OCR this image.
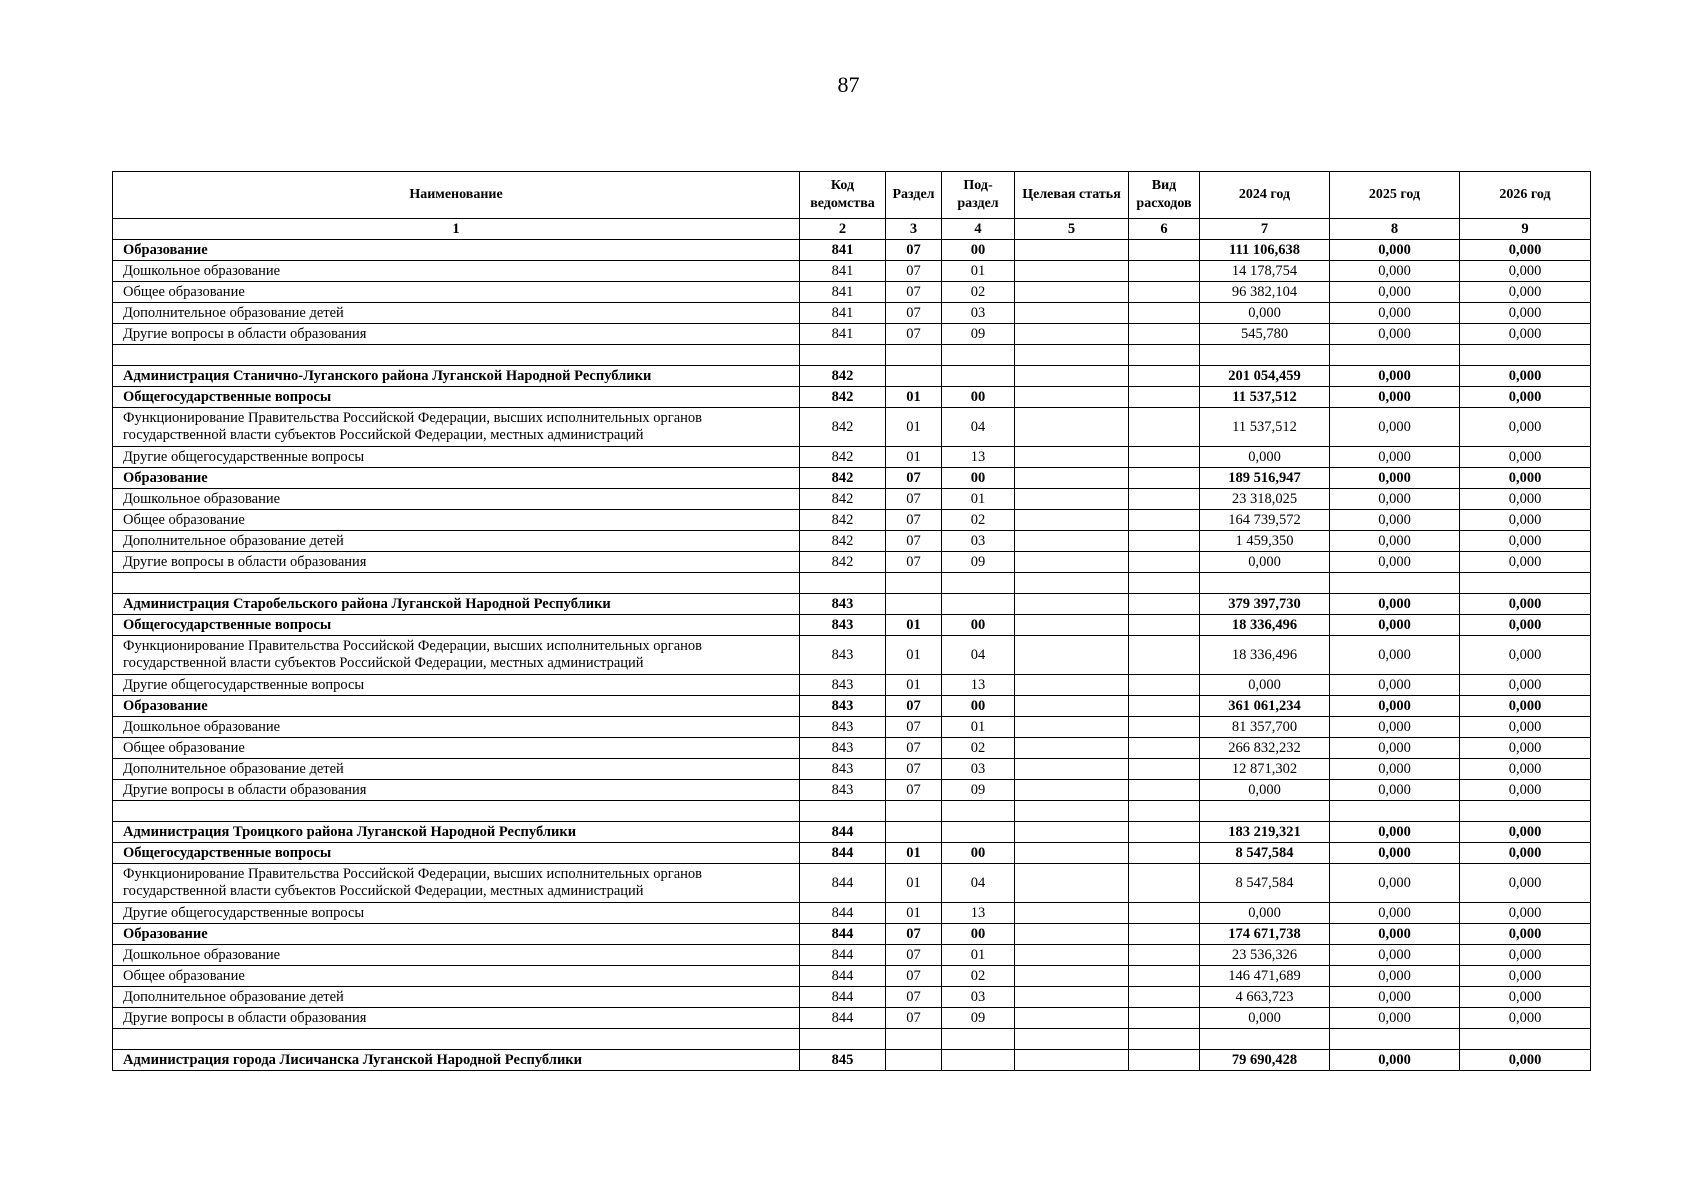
87
Наименование	Код ведомства	Раздел	Под-раздел	Целевая статья	Вид расходов	2024 год	2025 год	2026 год
1	2	3	4	5	6	7	8	9
Образование	841	07	00			111 106,638	0,000	0,000
Дошкольное образование	841	07	01			14 178,754	0,000	0,000
Общее образование	841	07	02			96 382,104	0,000	0,000
Дополнительное образование детей	841	07	03			0,000	0,000	0,000
Другие вопросы в области образования	841	07	09			545,780	0,000	0,000

Администрация Станично-Луганского района Луганской Народной Республики	842					201 054,459	0,000	0,000
Общегосударственные вопросы	842	01	00			11 537,512	0,000	0,000
Функционирование Правительства Российской Федерации, высших исполнительных органов государственной власти субъектов Российской Федерации, местных администраций	842	01	04			11 537,512	0,000	0,000
Другие общегосударственные вопросы	842	01	13			0,000	0,000	0,000
Образование	842	07	00			189 516,947	0,000	0,000
Дошкольное образование	842	07	01			23 318,025	0,000	0,000
Общее образование	842	07	02			164 739,572	0,000	0,000
Дополнительное образование детей	842	07	03			1 459,350	0,000	0,000
Другие вопросы в области образования	842	07	09			0,000	0,000	0,000

Администрация Старобельского района Луганской Народной Республики	843					379 397,730	0,000	0,000
Общегосударственные вопросы	843	01	00			18 336,496	0,000	0,000
Функционирование Правительства Российской Федерации, высших исполнительных органов государственной власти субъектов Российской Федерации, местных администраций	843	01	04			18 336,496	0,000	0,000
Другие общегосударственные вопросы	843	01	13			0,000	0,000	0,000
Образование	843	07	00			361 061,234	0,000	0,000
Дошкольное образование	843	07	01			81 357,700	0,000	0,000
Общее образование	843	07	02			266 832,232	0,000	0,000
Дополнительное образование детей	843	07	03			12 871,302	0,000	0,000
Другие вопросы в области образования	843	07	09			0,000	0,000	0,000

Администрация Троицкого района Луганской Народной Республики	844					183 219,321	0,000	0,000
Общегосударственные вопросы	844	01	00			8 547,584	0,000	0,000
Функционирование Правительства Российской Федерации, высших исполнительных органов государственной власти субъектов Российской Федерации, местных администраций	844	01	04			8 547,584	0,000	0,000
Другие общегосударственные вопросы	844	01	13			0,000	0,000	0,000
Образование	844	07	00			174 671,738	0,000	0,000
Дошкольное образование	844	07	01			23 536,326	0,000	0,000
Общее образование	844	07	02			146 471,689	0,000	0,000
Дополнительное образование детей	844	07	03			4 663,723	0,000	0,000
Другие вопросы в области образования	844	07	09			0,000	0,000	0,000

Администрация города Лисичанска Луганской Народной Республики	845					79 690,428	0,000	0,000
